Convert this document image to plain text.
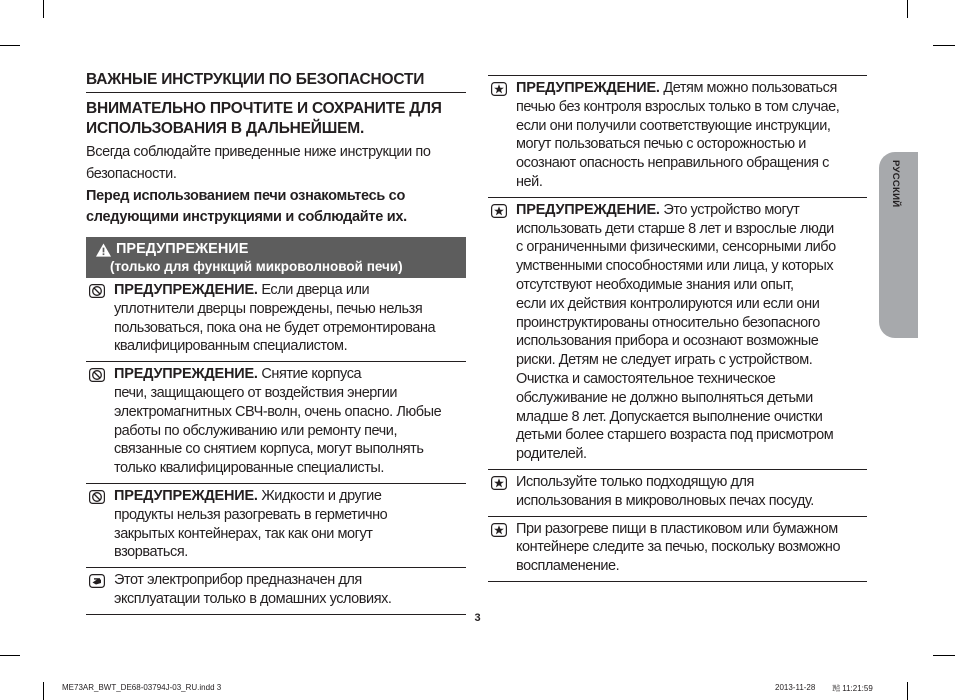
ВАЖНЫЕ ИНСТРУКЦИИ ПО БЕЗОПАСНОСТИ
ВНИМАТЕЛЬНО ПРОЧТИТЕ И СОХРАНИТЕ ДЛЯ
ИСПОЛЬЗОВАНИЯ В ДАЛЬНЕЙШЕМ.
Всегда соблюдайте приведенные ниже инструкции по
безопасности.
Перед использованием печи ознакомьтесь со
следующими инструкциями и соблюдайте их.
ПРЕДУПРЕЖЕНИЕ
(только для функций микроволновой печи)
ПРЕДУПРЕЖДЕНИЕ. Если дверца или
уплотнители дверцы повреждены, печью нельзя
пользоваться, пока она не будет отремонтирована
квалифицированным специалистом.
ПРЕДУПРЕЖДЕНИЕ. Снятие корпуса
печи, защищающего от воздействия энергии
электромагнитных СВЧ-волн, очень опасно. Любые
работы по обслуживанию или ремонту печи,
связанные со снятием корпуса, могут выполнять
только квалифицированные специалисты.
ПРЕДУПРЕЖДЕНИЕ. Жидкости и другие
продукты нельзя разогревать в герметично
закрытых контейнерах, так как они могут
взорваться.
Этот электроприбор предназначен для
эксплуатации только в домашних условиях.
ПРЕДУПРЕЖДЕНИЕ. Детям можно пользоваться
печью без контроля взрослых только в том случае,
если они получили соответствующие инструкции,
могут пользоваться печью с осторожностью и
осознают опасность неправильного обращения с
ней.
ПРЕДУПРЕЖДЕНИЕ. Это устройство могут
использовать дети старше 8 лет и взрослые люди
с ограниченными физическими, сенсорными либо
умственными способностями или лица, у которых
отсутствуют необходимые знания или опыт,
если их действия контролируются или если они
проинструктированы относительно безопасного
использования прибора и осознают возможные
риски. Детям не следует играть с устройством.
Очистка и самостоятельное техническое
обслуживание не должно выполняться детьми
младше 8 лет. Допускается выполнение очистки
детьми более старшего возраста под присмотром
родителей.
Используйте только подходящую для
использования в микроволновых печах посуду.
При разогреве пищи в пластиковом или бумажном
контейнере следите за печью, поскольку возможно
воспламенение.
РУССКИЙ
3
ME73AR_BWT_DE68-03794J-03_RU.indd 3	2013-11-28 ㍫ 11:21:59
